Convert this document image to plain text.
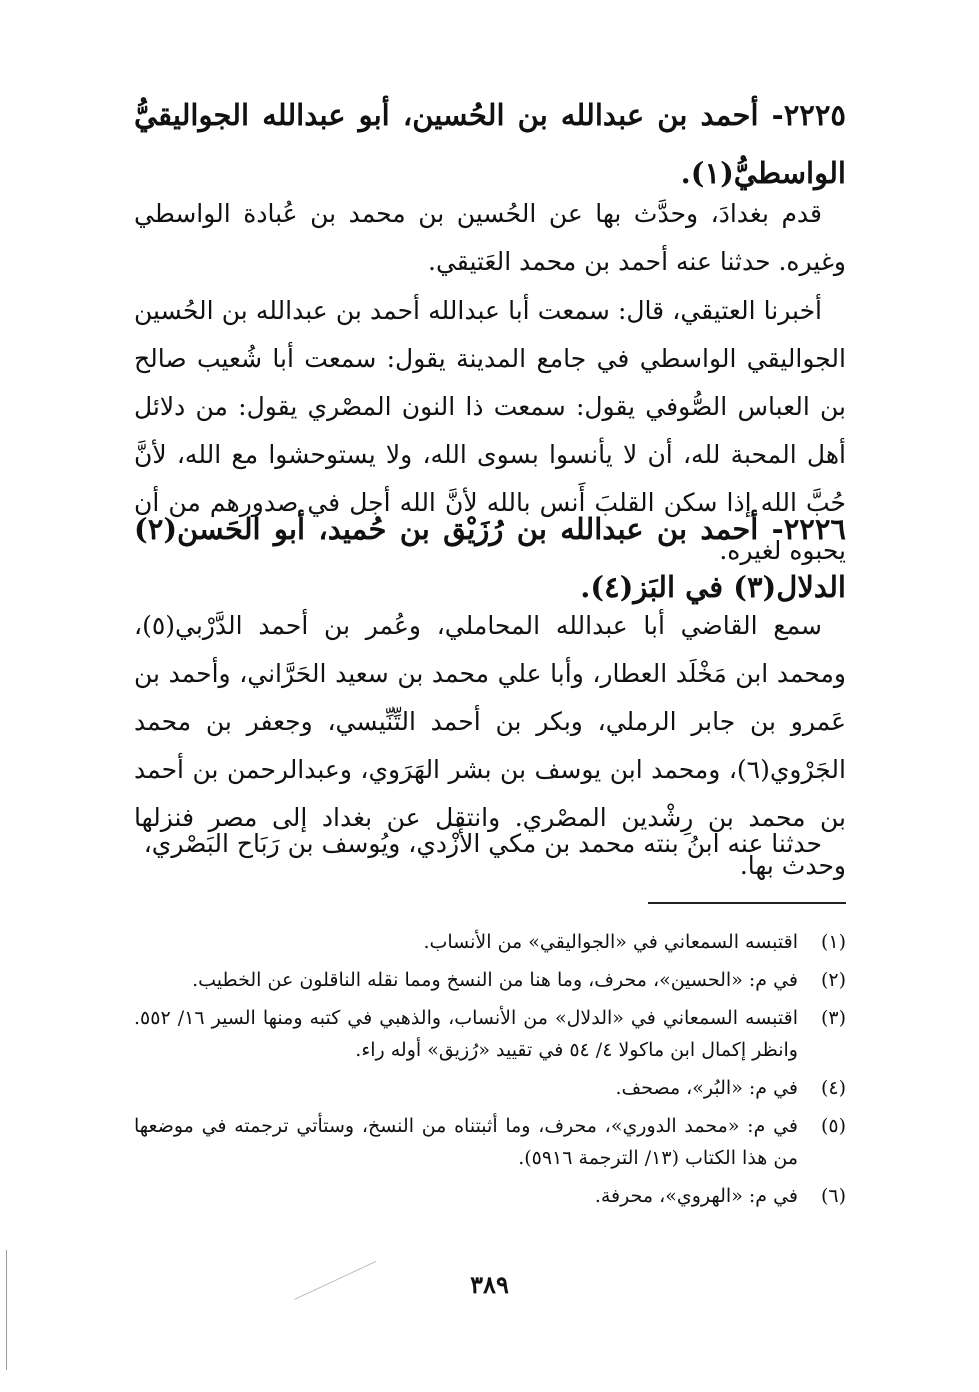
٢٢٢٥- أحمد بن عبدالله بن الحُسين، أبو عبدالله الجواليقيُّ الواسطيُّ(١).
قدم بغدادَ، وحدَّث بها عن الحُسين بن محمد بن عُبادة الواسطي وغيره. حدثنا عنه أحمد بن محمد العَتيقي.
أخبرنا العتيقي، قال: سمعت أبا عبدالله أحمد بن عبدالله بن الحُسين الجواليقي الواسطي في جامع المدينة يقول: سمعت أبا شُعيب صالح بن العباس الصُّوفي يقول: سمعت ذا النون المصْري يقول: من دلائل أهل المحبة لله، أن لا يأنسوا بسوى الله، ولا يستوحشوا مع الله، لأنَّ حُبَّ الله إذا سكن القلبَ أَنس بالله لأنَّ الله أجل في صدورهم من أن يحبوه لغيره.
٢٢٢٦- أحمد بن عبدالله بن رُزَيْق بن حُميد، أبو الحَسن(٢) الدلال(٣) في البَز(٤).
سمع القاضي أبا عبدالله المحاملي، وعُمر بن أحمد الدَّرْبي(٥)، ومحمد ابن مَخْلَد العطار، وأبا علي محمد بن سعيد الحَرَّاني، وأحمد بن عَمرو بن جابر الرملي، وبكر بن أحمد التِّنِّيسي، وجعفر بن محمد الجَرْوي(٦)، ومحمد ابن يوسف بن بشر الهَرَوي، وعبدالرحمن بن أحمد بن محمد بن رِشْدين المصْري. وانتقل عن بغداد إلى مصر فنزلها وحدث بها.
حدثنا عنه ابنُ بنته محمد بن مكي الأَزْدي، ويُوسف بن رَبَاح البَصْري،
(١)
اقتبسه السمعاني في «الجواليقي» من الأنساب.
(٢)
في م: «الحسين»، محرف، وما هنا من النسخ ومما نقله الناقلون عن الخطيب.
(٣)
اقتبسه السمعاني في «الدلال» من الأنساب، والذهبي في كتبه ومنها السير ١٦/ ٥٥٢. وانظر إكمال ابن ماكولا ٤/ ٥٤ في تقييد «رُزيق» أوله راء.
(٤)
في م: «البُر»، مصحف.
(٥)
في م: «محمد الدوري»، محرف، وما أثبتناه من النسخ، وستأتي ترجمته في موضعها من هذا الكتاب (١٣/ الترجمة ٥٩١٦).
(٦)
في م: «الهروي»، محرفة.
٣٨٩
